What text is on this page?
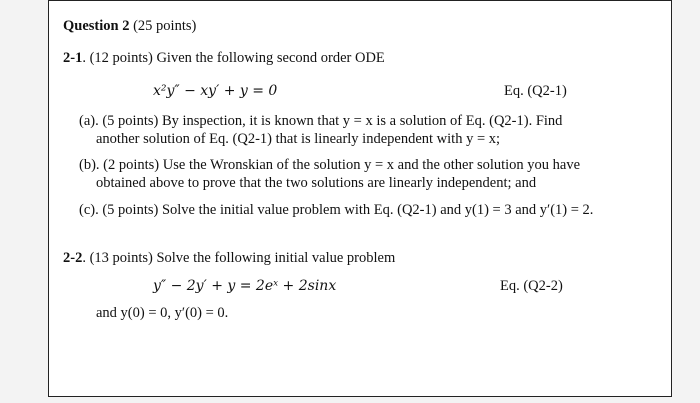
Question 2 (25 points)
2-1. (12 points) Given the following second order ODE
x²y″ − xy′ + y = 0	Eq. (Q2-1)
(a). (5 points) By inspection, it is known that y = x is a solution of Eq. (Q2-1). Find
another solution of Eq. (Q2-1) that is linearly independent with y = x;
(b). (2 points) Use the Wronskian of the solution y = x and the other solution you have
obtained above to prove that the two solutions are linearly independent; and
(c). (5 points) Solve the initial value problem with Eq. (Q2-1) and y(1) = 3 and y′(1) = 2.
2-2. (13 points) Solve the following initial value problem
y″ − 2y′ + y = 2eˣ + 2sinx	Eq. (Q2-2)
and y(0) = 0, y′(0) = 0.
